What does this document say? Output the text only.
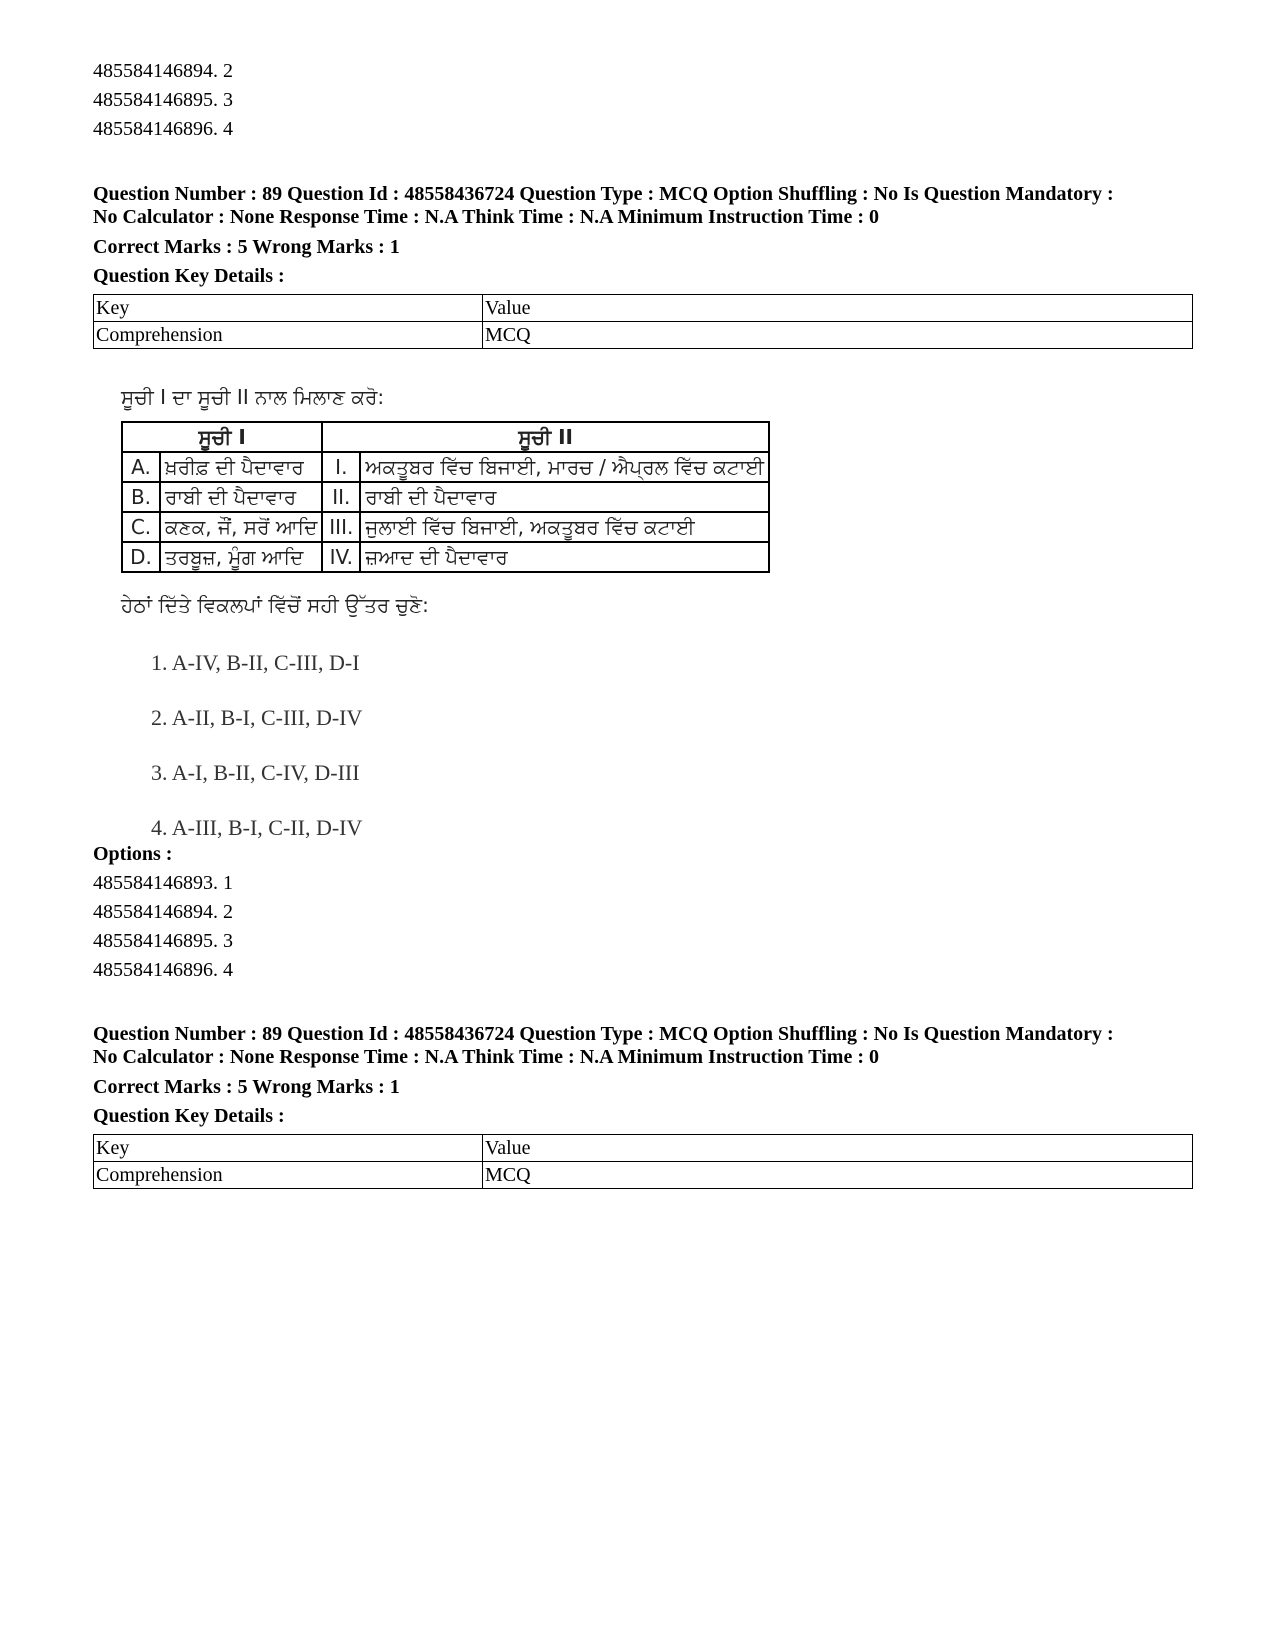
485584146894. 2
485584146895. 3
485584146896. 4
Question Number : 89 Question Id : 48558436724 Question Type : MCQ Option Shuffling : No Is Question Mandatory :
No Calculator : None Response Time : N.A Think Time : N.A Minimum Instruction Time : 0
Correct Marks : 5 Wrong Marks : 1
Question Key Details :
Key	Value
Comprehension	MCQ
ਸੂਚੀ I ਦਾ ਸੂਚੀ II ਨਾਲ ਮਿਲਾਣ ਕਰੋ:
ਸੂਚੀ I		ਸੂਚੀ II	
A.	ਖ਼ਰੀਫ਼ ਦੀ ਪੈਦਾਵਾਰ	I.	ਅਕਤੂਬਰ ਵਿੱਚ ਬਿਜਾਈ, ਮਾਰਚ / ਐਪ੍ਰਲ ਵਿੱਚ ਕਟਾਈ
B.	ਰਾਬੀ ਦੀ ਪੈਦਾਵਾਰ	II.	ਰਾਬੀ ਦੀ ਪੈਦਾਵਾਰ
C.	ਕਣਕ, ਜੌਂ, ਸਰੋਂ ਆਦਿ	III.	ਜੁਲਾਈ ਵਿੱਚ ਬਿਜਾਈ, ਅਕਤੂਬਰ ਵਿੱਚ ਕਟਾਈ
D.	ਤਰਬੂਜ਼, ਮੂੰਗ ਆਦਿ	IV.	ਜ਼ਆਦ ਦੀ ਪੈਦਾਵਾਰ
ਹੇਠਾਂ ਦਿੱਤੇ ਵਿਕਲਪਾਂ ਵਿੱਚੋਂ ਸਹੀ ਉੱਤਰ ਚੁਣੋ:
1. A-IV, B-II, C-III, D-I
2. A-II, B-I, C-III, D-IV
3. A-I, B-II, C-IV, D-III
4. A-III, B-I, C-II, D-IV
Options :
485584146893. 1
485584146894. 2
485584146895. 3
485584146896. 4
Question Number : 89 Question Id : 48558436724 Question Type : MCQ Option Shuffling : No Is Question Mandatory :
No Calculator : None Response Time : N.A Think Time : N.A Minimum Instruction Time : 0
Correct Marks : 5 Wrong Marks : 1
Question Key Details :
Key	Value
Comprehension	MCQ
